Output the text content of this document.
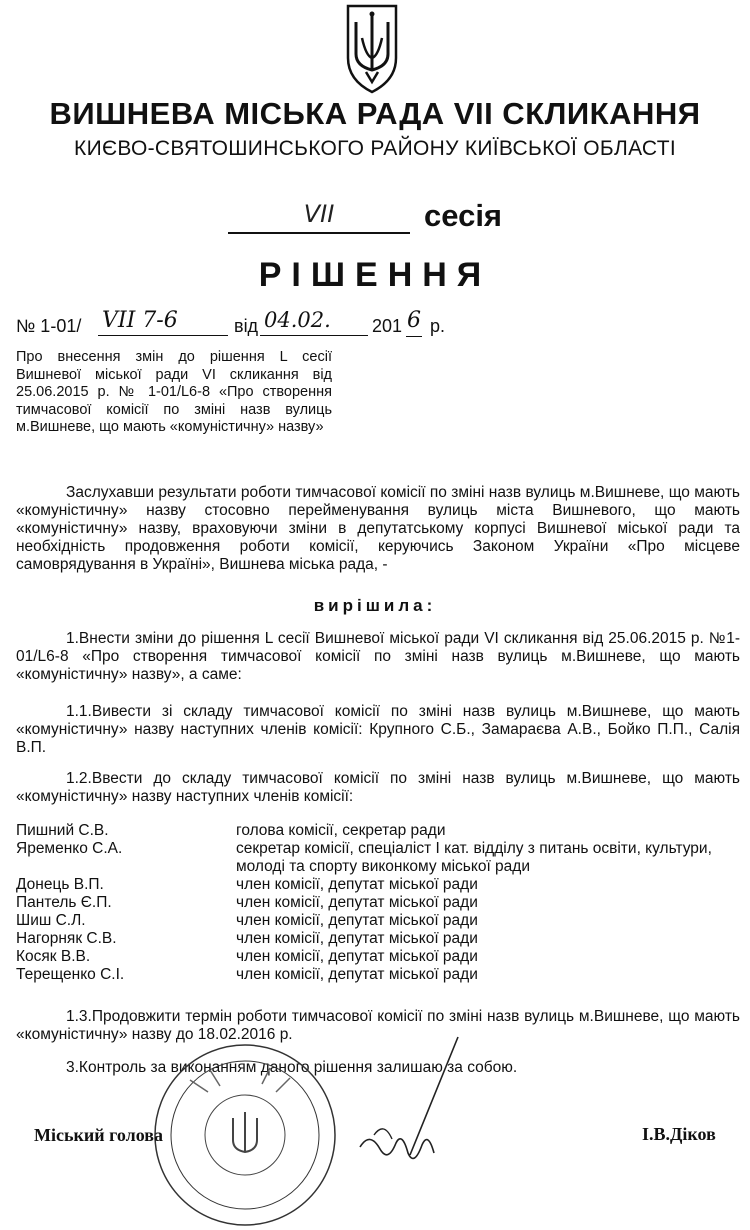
ВИШНЕВА МІСЬКА РАДА VII СКЛИКАННЯ
КИЄВО-СВЯТОШИНСЬКОГО РАЙОНУ КИЇВСЬКОЇ ОБЛАСТІ
VII	сесія
РІШЕННЯ
№ 1-01/ VII 7-6	від 04.02.	201 6 р.
Про внесення змін до рішення L сесії Вишневої міської ради VI скликання від 25.06.2015 р. № 1-01/L6-8 «Про створення тимчасової комісії по зміні назв вулиць м.Вишневе, що мають «комуністичну» назву»
Заслухавши результати роботи тимчасової комісії по зміні назв вулиць м.Вишневе, що мають «комуністичну» назву стосовно перейменування вулиць міста Вишневого, що мають «комуністичну» назву, враховуючи зміни в депутатському корпусі Вишневої міської ради та необхідність продовження роботи комісії, керуючись Законом України «Про місцеве самоврядування в Україні», Вишнева міська рада, -
вирішила:
1.Внести зміни до рішення L сесії Вишневої міської ради VI скликання від 25.06.2015 р. №1-01/L6-8 «Про створення тимчасової комісії по зміні назв вулиць м.Вишневе, що мають «комуністичну» назву», а саме:
1.1.Вивести зі складу тимчасової комісії по зміні назв вулиць м.Вишневе, що мають «комуністичну» назву наступних членів комісії: Крупного С.Б., Замараєва А.В., Бойко П.П., Салія В.П.
1.2.Ввести до складу тимчасової комісії по зміні назв вулиць м.Вишневе, що мають «комуністичну» назву наступних членів комісії:
Пишний С.В.	голова комісії, секретар ради
Яременко С.А.	секретар комісії, спеціаліст І кат. відділу з питань освіти, культури, молоді та спорту виконкому міської ради
Донець В.П.	член комісії, депутат міської ради
Пантель Є.П.	член комісії, депутат міської ради
Шиш С.Л.	член комісії, депутат міської ради
Нагорняк С.В.	член комісії, депутат міської ради
Косяк В.В.	член комісії, депутат міської ради
Терещенко С.І.	член комісії, депутат міської ради
1.3.Продовжити термін роботи тимчасової комісії по зміні назв вулиць м.Вишневе, що мають «комуністичну» назву до 18.02.2016 р.
3.Контроль за виконанням даного рішення залишаю за собою.
Міський голова	І.В.Діков
